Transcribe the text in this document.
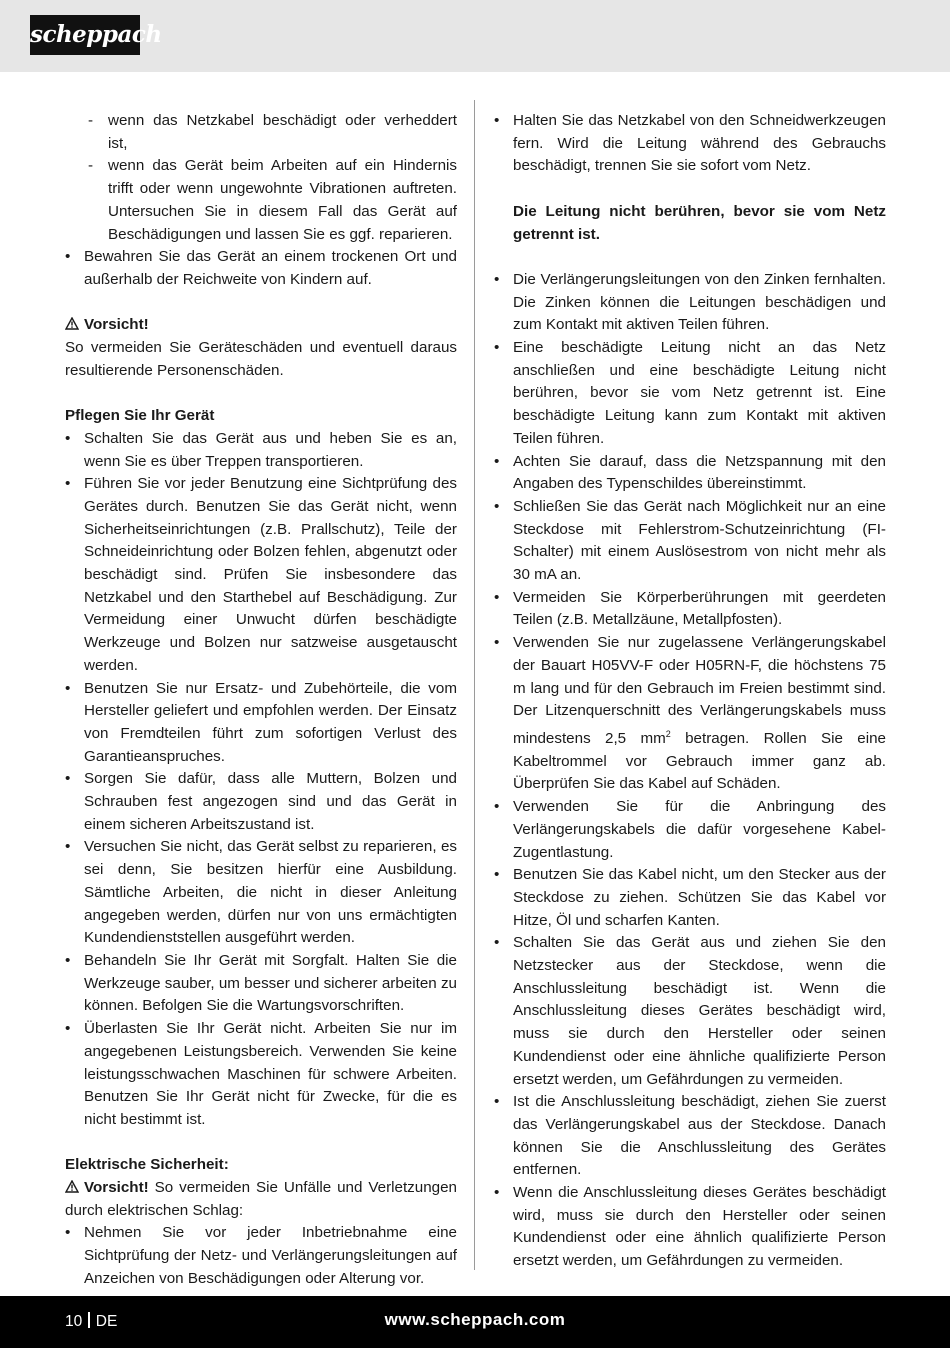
scheppach
- wenn das Netzkabel beschädigt oder verheddert ist,
- wenn das Gerät beim Arbeiten auf ein Hindernis trifft oder wenn ungewohnte Vibrationen auftreten. Untersuchen Sie in diesem Fall das Gerät auf Beschädigungen und lassen Sie es ggf. reparieren.
• Bewahren Sie das Gerät an einem trockenen Ort und außerhalb der Reichweite von Kindern auf.

Vorsicht!

So vermeiden Sie Geräteschäden und eventuell daraus resultierende Personenschäden.

Pflegen Sie Ihr Gerät

• Schalten Sie das Gerät aus und heben Sie es an, wenn Sie es über Treppen transportieren.
• Führen Sie vor jeder Benutzung eine Sichtprüfung des Gerätes durch. Benutzen Sie das Gerät nicht, wenn Sicherheitseinrichtungen (z.B. Prallschutz), Teile der Schneideinrichtung oder Bolzen fehlen, abgenutzt oder beschädigt sind. Prüfen Sie insbesondere das Netzkabel und den Starthebel auf Beschädigung. Zur Vermeidung einer Unwucht dürfen beschädigte Werkzeuge und Bolzen nur satzweise ausgetauscht werden.
• Benutzen Sie nur Ersatz- und Zubehörteile, die vom Hersteller geliefert und empfohlen werden. Der Einsatz von Fremdteilen führt zum sofortigen Verlust des Garantieanspruches.
• Sorgen Sie dafür, dass alle Muttern, Bolzen und Schrauben fest angezogen sind und das Gerät in einem sicheren Arbeitszustand ist.
• Versuchen Sie nicht, das Gerät selbst zu reparieren, es sei denn, Sie besitzen hierfür eine Ausbildung. Sämtliche Arbeiten, die nicht in dieser Anleitung angegeben werden, dürfen nur von uns ermächtigten Kundendienststellen ausgeführt werden.
• Behandeln Sie Ihr Gerät mit Sorgfalt. Halten Sie die Werkzeuge sauber, um besser und sicherer arbeiten zu können. Befolgen Sie die Wartungsvorschriften.
• Überlasten Sie Ihr Gerät nicht. Arbeiten Sie nur im angegebenen Leistungsbereich. Verwenden Sie keine leistungsschwachen Maschinen für schwere Arbeiten. Benutzen Sie Ihr Gerät nicht für Zwecke, für die es nicht bestimmt ist.

Elektrische Sicherheit:

Vorsicht! So vermeiden Sie Unfälle und Verletzungen durch elektrischen Schlag:

• Nehmen Sie vor jeder Inbetriebnahme eine Sichtprüfung der Netz- und Verlängerungsleitungen auf Anzeichen von Beschädigungen oder Alterung vor.
• Halten Sie das Netzkabel von den Schneidwerkzeugen fern. Wird die Leitung während des Gebrauchs beschädigt, trennen Sie sie sofort vom Netz.
Die Leitung nicht berühren, bevor sie vom Netz getrennt ist.
• Die Verlängerungsleitungen von den Zinken fernhalten. Die Zinken können die Leitungen beschädigen und zum Kontakt mit aktiven Teilen führen.
• Eine beschädigte Leitung nicht an das Netz anschließen und eine beschädigte Leitung nicht berühren, bevor sie vom Netz getrennt ist. Eine beschädigte Leitung kann zum Kontakt mit aktiven Teilen führen.
• Achten Sie darauf, dass die Netzspannung mit den Angaben des Typenschildes übereinstimmt.
• Schließen Sie das Gerät nach Möglichkeit nur an eine Steckdose mit Fehlerstrom-Schutzeinrichtung (FI-Schalter) mit einem Auslösestrom von nicht mehr als 30 mA an.
• Vermeiden Sie Körperberührungen mit geerdeten Teilen (z.B. Metallzäune, Metallpfosten).
• Verwenden Sie nur zugelassene Verlängerungskabel der Bauart H05VV-F oder H05RN-F, die höchstens 75 m lang und für den Gebrauch im Freien bestimmt sind. Der Litzenquerschnitt des Verlängerungskabels muss mindestens 2,5 $mm^2$ betragen. Rollen Sie eine Kabeltrommel vor Gebrauch immer ganz ab. Überprüfen Sie das Kabel auf Schäden.
• Verwenden Sie für die Anbringung des Verlängerungskabels die dafür vorgesehene Kabel-Zugentlastung.
• Benutzen Sie das Kabel nicht, um den Stecker aus der Steckdose zu ziehen. Schützen Sie das Kabel vor Hitze, Öl und scharfen Kanten.
• Schalten Sie das Gerät aus und ziehen Sie den Netzstecker aus der Steckdose, wenn die Anschlussleitung beschädigt ist. Wenn die Anschlussleitung dieses Gerätes beschädigt wird, muss sie durch den Hersteller oder seinen Kundendienst oder eine ähnliche qualifizierte Person ersetzt werden, um Gefährdungen zu vermeiden.
• Ist die Anschlussleitung beschädigt, ziehen Sie zuerst das Verlängerungskabel aus der Steckdose. Danach können Sie die Anschlussleitung des Gerätes entfernen.
• Wenn die Anschlussleitung dieses Gerätes beschädigt wird, muss sie durch den Hersteller oder seinen Kundendienst oder eine ähnlich qualifizierte Person ersetzt werden, um Gefährdungen zu vermeiden.
10 DE	www.scheppach.com
